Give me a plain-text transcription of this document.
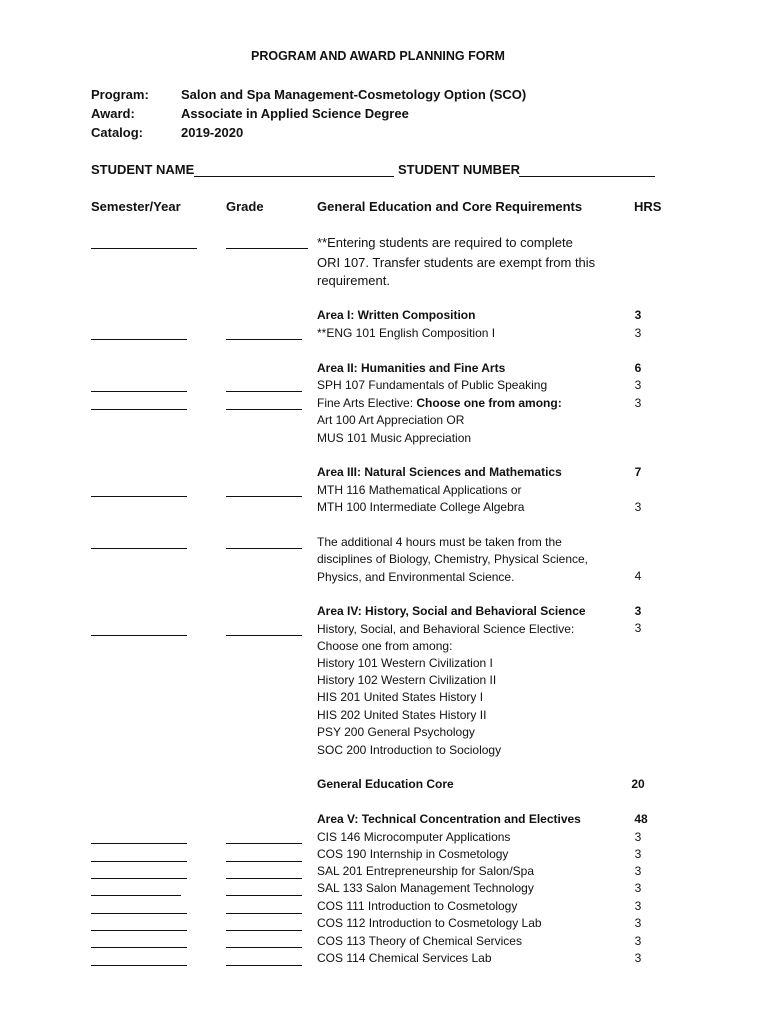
PROGRAM AND AWARD PLANNING FORM
Program: Salon and Spa Management-Cosmetology Option (SCO)
Award:	Associate in Applied Science Degree
Catalog:	2019-2020
STUDENT NAME	STUDENT NUMBER
Semester/Year	Grade	General Education and Core Requirements	HRS
**Entering students are required to complete
ORI 107. Transfer students are exempt from this
requirement.
Area I: Written Composition	3
**ENG 101 English Composition I	3
Area II: Humanities and Fine Arts	6
SPH 107 Fundamentals of Public Speaking	3
Fine Arts Elective: Choose one from among:	3
Art 100 Art Appreciation OR
MUS 101 Music Appreciation
Area III: Natural Sciences and Mathematics	7
MTH 116 Mathematical Applications or
MTH 100 Intermediate College Algebra	3
The additional 4 hours must be taken from the
disciplines of Biology, Chemistry, Physical Science,
Physics, and Environmental Science.	4
Area IV: History, Social and Behavioral Science	3
History, Social, and Behavioral Science Elective:	3
Choose one from among:
History 101 Western Civilization I
History 102 Western Civilization II
HIS 201 United States History I
HIS 202 United States History II
PSY 200 General Psychology
SOC 200 Introduction to Sociology
General Education Core	20
Area V: Technical Concentration and Electives	48
CIS 146 Microcomputer Applications	3
COS 190 Internship in Cosmetology	3
SAL 201 Entrepreneurship for Salon/Spa	3
SAL 133 Salon Management Technology	3
COS 111 Introduction to Cosmetology	3
COS 112 Introduction to Cosmetology Lab	3
COS 113 Theory of Chemical Services	3
COS 114 Chemical Services Lab	3
